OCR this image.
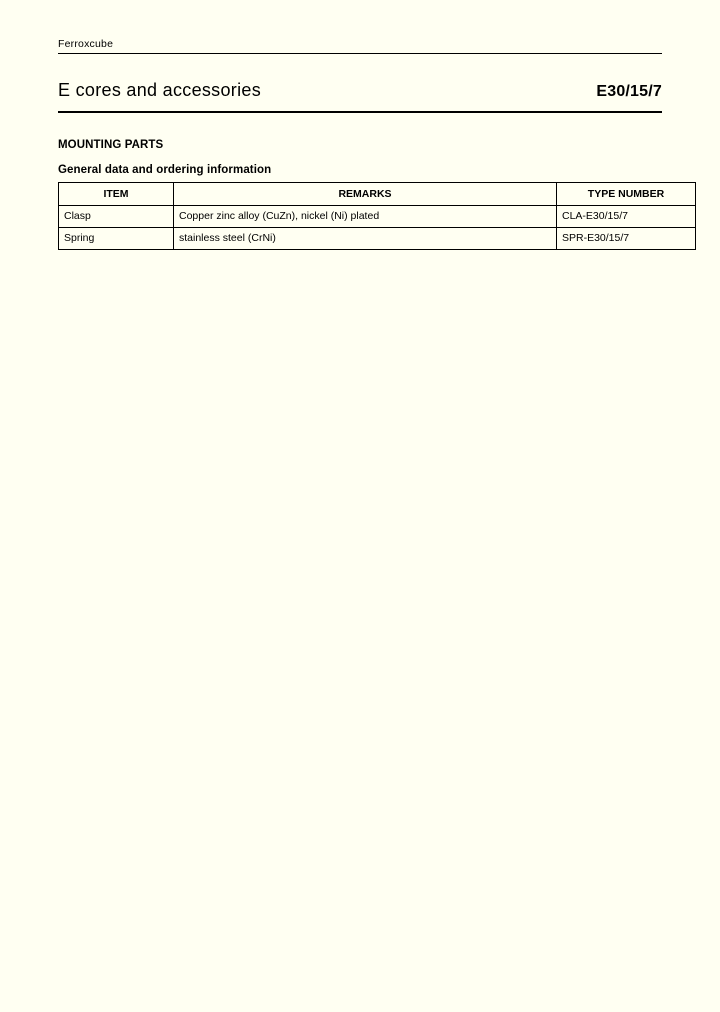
Ferroxcube
E cores and accessories	E30/15/7
MOUNTING PARTS
General data and ordering information
ITEM	REMARKS	TYPE NUMBER
Clasp	Copper zinc alloy (CuZn), nickel (Ni) plated	CLA-E30/15/7
Spring	stainless steel (CrNi)	SPR-E30/15/7
